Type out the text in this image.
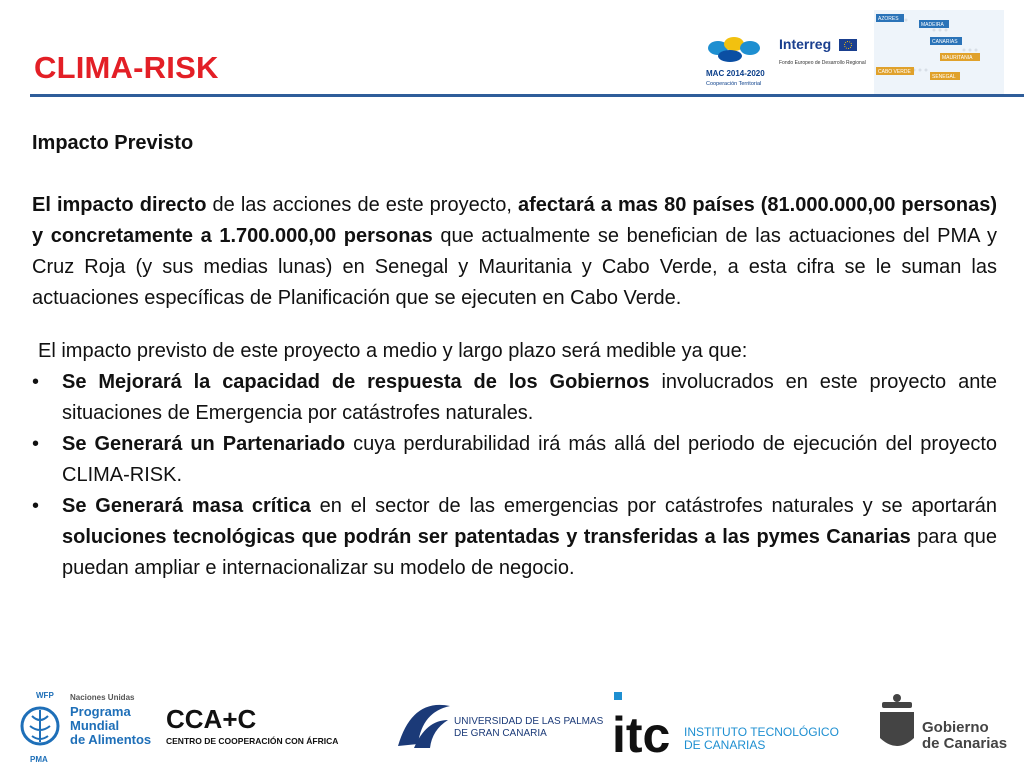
CLIMA-RISK	MAC 2014-2020
Cooperación Territorial
Interreg
Fondo Europeo de Desarrollo Regional
AZORES
MADEIRA
CANARIAS
MAURITANIA
CABO VERDE
SENEGAL

Impacto Previsto

El impacto directo de las acciones de este proyecto, afectará a mas 80 países (81.000.000,00 personas) y concretamente a 1.700.000,00 personas que actualmente se benefician de las actuaciones del PMA y Cruz Roja (y sus medias lunas) en Senegal y Mauritania y Cabo Verde, a esta cifra se le suman las actuaciones específicas de Planificación que se ejecuten en Cabo Verde.
El impacto previsto de este proyecto a medio y largo plazo será medible ya que:
•	Se Mejorará la capacidad de respuesta de los Gobiernos involucrados en este proyecto ante situaciones de Emergencia por catástrofes naturales.
•	Se Generará un Partenariado cuya perdurabilidad irá más allá del periodo de ejecución del proyecto CLIMA-RISK.
•	Se Generará masa crítica en el sector de las emergencias por catástrofes naturales y se aportarán soluciones tecnológicas que podrán ser patentadas y transferidas a las pymes Canarias para que puedan ampliar e internacionalizar su modelo de negocio.
WFP
PMA
Naciones Unidas
Programa
Mundial
de Alimentos
CCA+C
CENTRO DE COOPERACIÓN CON ÁFRICA
UNIVERSIDAD DE LAS PALMAS
DE GRAN CANARIA itc INSTITUTO TECNOLÓGICO
DE CANARIAS
Gobierno
de Canarias
